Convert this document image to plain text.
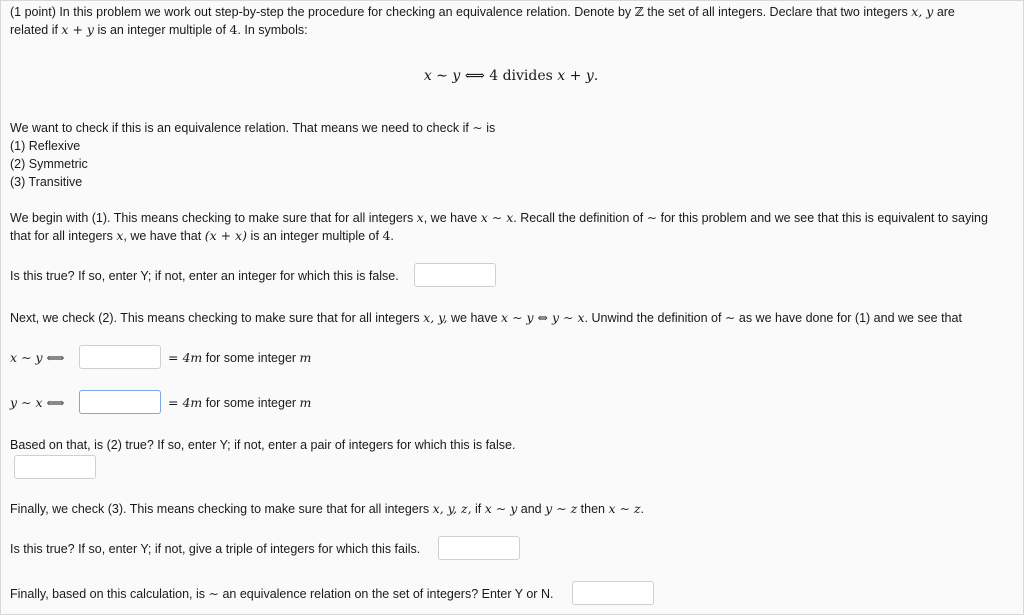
(1 point) In this problem we work out step-by-step the procedure for checking an equivalence relation. Denote by ℤ the set of all integers. Declare that two integers x, y are
related if x + y is an integer multiple of 4. In symbols:
x ∼ y ⟺ 4 divides x + y.
We want to check if this is an equivalence relation. That means we need to check if ∼ is
(1) Reflexive
(2) Symmetric
(3) Transitive
We begin with (1). This means checking to make sure that for all integers x, we have x ∼ x. Recall the definition of ∼ for this problem and we see that this is equivalent to saying
that for all integers x, we have that (x + x) is an integer multiple of 4.
Is this true? If so, enter Y; if not, enter an integer for which this is false.
Next, we check (2). This means checking to make sure that for all integers x, y, we have x ∼ y ⇔ y ∼ x. Unwind the definition of ∼ as we have done for (1) and we see that
x ∼ y ⟺	= 4m for some integer m
y ∼ x ⟺	= 4m for some integer m
Based on that, is (2) true? If so, enter Y; if not, enter a pair of integers for which this is false.
Finally, we check (3). This means checking to make sure that for all integers x, y, z, if x ∼ y and y ∼ z then x ∼ z.
Is this true? If so, enter Y; if not, give a triple of integers for which this fails.
Finally, based on this calculation, is ∼ an equivalence relation on the set of integers? Enter Y or N.
